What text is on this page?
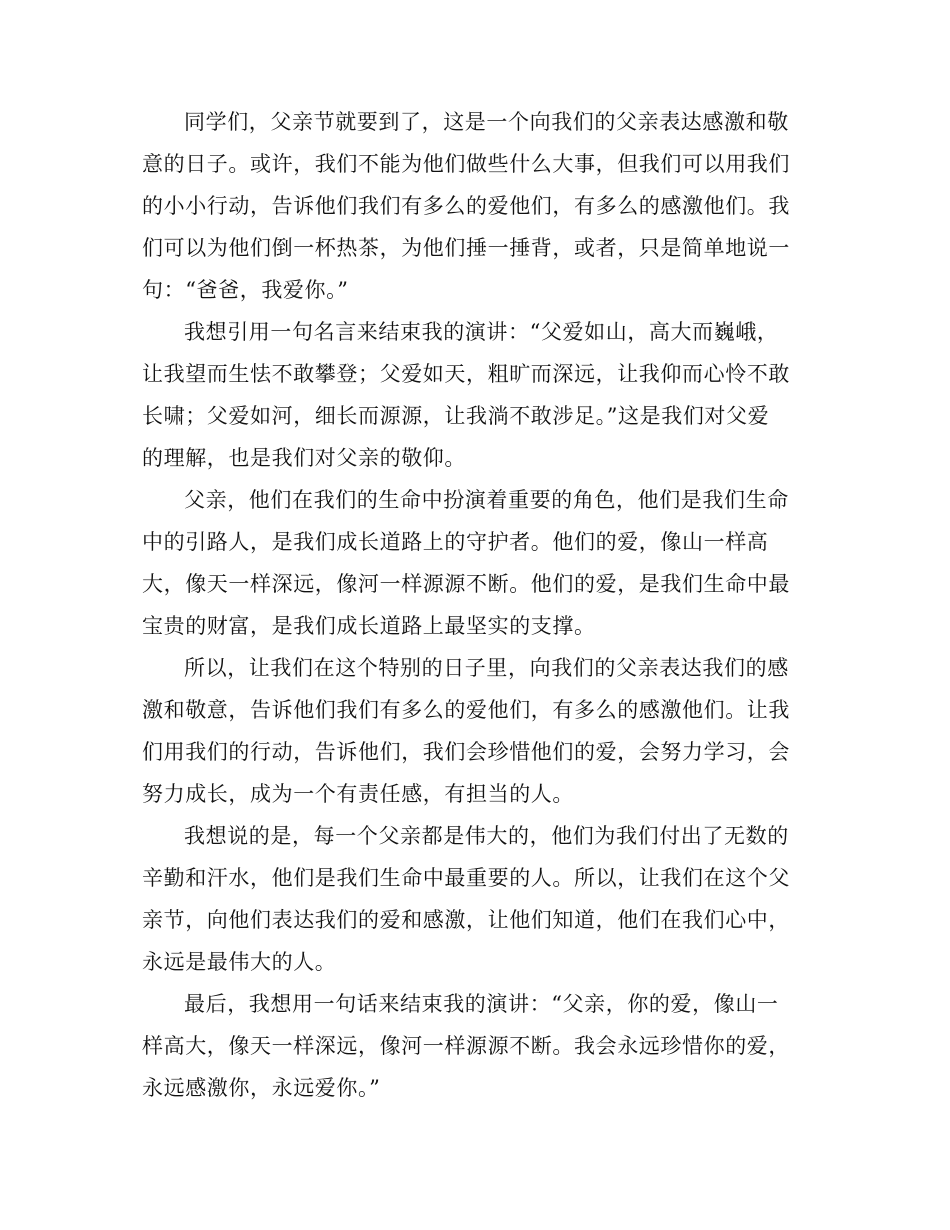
同学们，父亲节就要到了，这是一个向我们的父亲表达感激和敬
意的日子。或许，我们不能为他们做些什么大事，但我们可以用我们
的小小行动，告诉他们我们有多么的爱他们，有多么的感激他们。我
们可以为他们倒一杯热茶，为他们捶一捶背，或者，只是简单地说一
句：“爸爸，我爱你。”

我想引用一句名言来结束我的演讲：“父爱如山，高大而巍峨，
让我望而生怯不敢攀登；父爱如天，粗旷而深远，让我仰而心怜不敢
长啸；父爱如河，细长而源源，让我淌不敢涉足。”这是我们对父爱
的理解，也是我们对父亲的敬仰。

父亲，他们在我们的生命中扮演着重要的角色，他们是我们生命
中的引路人，是我们成长道路上的守护者。他们的爱，像山一样高
大，像天一样深远，像河一样源源不断。他们的爱，是我们生命中最
宝贵的财富，是我们成长道路上最坚实的支撑。

所以，让我们在这个特别的日子里，向我们的父亲表达我们的感
激和敬意，告诉他们我们有多么的爱他们，有多么的感激他们。让我
们用我们的行动，告诉他们，我们会珍惜他们的爱，会努力学习，会
努力成长，成为一个有责任感，有担当的人。

我想说的是，每一个父亲都是伟大的，他们为我们付出了无数的
辛勤和汗水，他们是我们生命中最重要的人。所以，让我们在这个父
亲节，向他们表达我们的爱和感激，让他们知道，他们在我们心中，
永远是最伟大的人。

最后，我想用一句话来结束我的演讲：“父亲，你的爱，像山一
样高大，像天一样深远，像河一样源源不断。我会永远珍惜你的爱，
永远感激你，永远爱你。”
